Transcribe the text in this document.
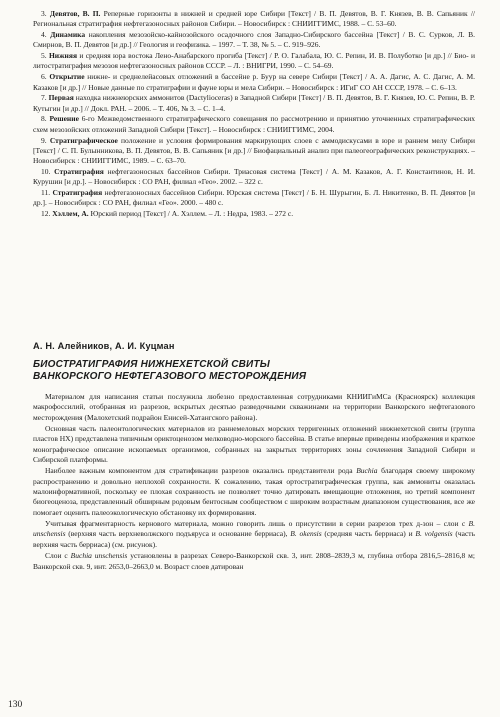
3. Девятов, В. П. Реперные горизонты в нижней и средней юре Сибири [Текст] / В. П. Девятов, В. Г. Князев, В. В. Сапьяник // Региональная стратиграфия нефтегазоносных районов Сибири. – Новосибирск : СНИИГГИМС, 1988. – С. 53–60.

4. Динамика накопления мезозойско-кайнозойского осадочного слоя Западно-Сибирского бассейна [Текст] / В. С. Сурков, Л. В. Смирнов, В. П. Девятов [и др.] // Геология и геофизика. – 1997. – Т. 38, № 5. – С. 919–926.

5. Нижняя и средняя юра востока Лено-Анабарского прогиба [Текст] / Р. О. Галабала, Ю. С. Репин, И. В. Полуботко [и др.] // Био- и литостратиграфия мезозоя нефтегазоносных районов СССР. – Л. : ВНИГРИ, 1990. – С. 54–69.

6. Открытие нижне- и среднелейасовых отложений в бассейне р. Буур на севере Сибири [Текст] / А. А. Дагис, А. С. Дагис, А. М. Казаков [и др.] // Новые данные по стратиграфии и фауне юры и мела Сибири. – Новосибирск : ИГиГ СО АН СССР, 1978. – С. 6–13.

7. Первая находка нижнеюрских аммонитов (Dactylioceras) в Западной Сибири [Текст] / В. П. Девятов, В. Г. Князев, Ю. С. Репин, В. Р. Кутыгин [и др.] // Докл. РАН. – 2006. – Т. 406, № 3. – С. 1–4.

8. Решение 6-го Межведомственного стратиграфического совещания по рассмотрению и принятию уточненных стратиграфических схем мезозойских отложений Западной Сибири [Текст]. – Новосибирск : СНИИГГИМС, 2004.

9. Стратиграфическое положение и условия формирования маркирующих слоев с аммодискусами в юре и раннем мелу Сибири [Текст] / С. П. Булынникова, В. П. Девятов, В. В. Сапьяник [и др.] // Биофациальный анализ при палеогеографических реконструкциях. – Новосибирск : СНИИГГИМС, 1989. – С. 63–70.

10. Стратиграфия нефтегазоносных бассейнов Сибири. Триасовая система [Текст] / А. М. Казаков, А. Г. Константинов, Н. И. Курушин [и др.]. – Новосибирск : СО РАН, филиал «Гео». 2002. – 322 с.

11. Стратиграфия нефтегазоносных бассейнов Сибири. Юрская система [Текст] / Б. Н. Шурыгин, Б. Л. Никитенко, В. П. Девятов [и др.]. – Новосибирск : СО РАН, филиал «Гео». 2000. – 480 с.

12. Хэллем, А. Юрский период [Текст] / А. Хэллем. – Л. : Недра, 1983. – 272 с.

А. Н. Алейников, А. И. Куцман
БИОСТРАТИГРАФИЯ НИЖНЕХЕТСКОЙ СВИТЫ
ВАНКОРСКОГО НЕФТЕГАЗОВОГО МЕСТОРОЖДЕНИЯ

Материалом для написания статьи послужила любезно предоставленная сотрудниками КНИИГиМСа (Красноярск) коллекция макрофоссилий, отобранная из разрезов, вскрытых десятью разведочными скважинами на территории Ванкорского нефтегазового месторождения (Малохетский подрайон Енисей-Хатангского района).

Основная часть палеонтологических материалов из раннемеловых морских терригенных отложений нижнехетской свиты (группа пластов НХ) представлена типичным ориктоценозом мелководно-морского бассейна. В статье впервые приведены изображения и краткое монографическое описание ископаемых организмов, собранных на закрытых территориях зоны сочленения Западной Сибири и Сибирской платформы.

Наиболее важным компонентом для стратификации разрезов оказались представители рода Buchia благодаря своему широкому распространению и довольно неплохой сохранности. К сожалению, такая ортостратиграфическая группа, как аммониты оказалась малоинформативной, поскольку ее плохая сохранность не позволяет точно датировать вмещающие отложения, но третий компонент биогеоценоза, представленный обширным родовым бентосным сообществом с широким возрастным диапазоном существования, все же помогает оценить палеоэкологическую обстановку их формирования.

Учитывая фрагментарность кернового материала, можно говорить лишь о присутствии в серии разрезов трех д-зон – слои с B. unschensis (верхняя часть верхневолжского подъяруса и основание берриаса), B. okensis (средняя часть берриаса) и B. volgensis (часть верхняя часть берриаса) (см. рисунок).

Слои с Buchia unschensis установлены в разрезах Северо-Ванкорской скв. 3, инт. 2808–2839,3 м, глубина отбора 2816,5–2816,8 м; Ванкорской скв. 9, инт. 2653,0–2663,0 м. Возраст слоев датирован

130
